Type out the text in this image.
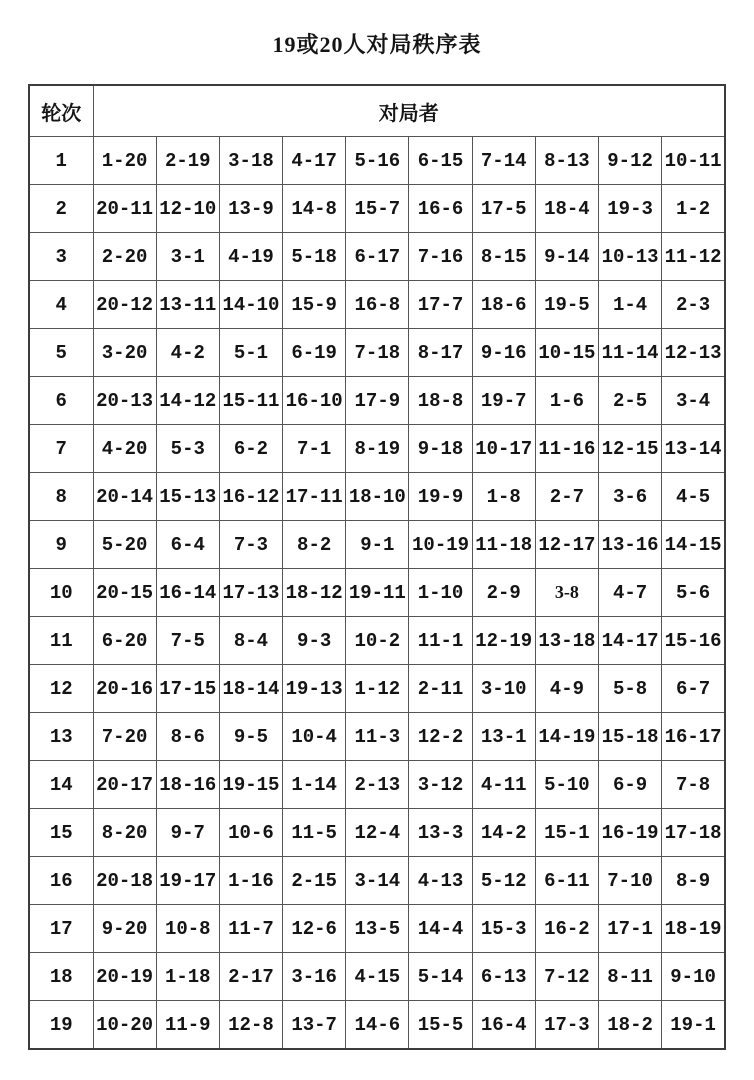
19或20人对局秩序表
轮次	对局者									
1	1-20	2-19	3-18	4-17	5-16	6-15	7-14	8-13	9-12	10-11
2	20-11	12-10	13-9	14-8	15-7	16-6	17-5	18-4	19-3	1-2
3	2-20	3-1	4-19	5-18	6-17	7-16	8-15	9-14	10-13	11-12
4	20-12	13-11	14-10	15-9	16-8	17-7	18-6	19-5	1-4	2-3
5	3-20	4-2	5-1	6-19	7-18	8-17	9-16	10-15	11-14	12-13
6	20-13	14-12	15-11	16-10	17-9	18-8	19-7	1-6	2-5	3-4
7	4-20	5-3	6-2	7-1	8-19	9-18	10-17	11-16	12-15	13-14
8	20-14	15-13	16-12	17-11	18-10	19-9	1-8	2-7	3-6	4-5
9	5-20	6-4	7-3	8-2	9-1	10-19	11-18	12-17	13-16	14-15
10	20-15	16-14	17-13	18-12	19-11	1-10	2-9	3-8	4-7	5-6
11	6-20	7-5	8-4	9-3	10-2	11-1	12-19	13-18	14-17	15-16
12	20-16	17-15	18-14	19-13	1-12	2-11	3-10	4-9	5-8	6-7
13	7-20	8-6	9-5	10-4	11-3	12-2	13-1	14-19	15-18	16-17
14	20-17	18-16	19-15	1-14	2-13	3-12	4-11	5-10	6-9	7-8
15	8-20	9-7	10-6	11-5	12-4	13-3	14-2	15-1	16-19	17-18
16	20-18	19-17	1-16	2-15	3-14	4-13	5-12	6-11	7-10	8-9
17	9-20	10-8	11-7	12-6	13-5	14-4	15-3	16-2	17-1	18-19
18	20-19	1-18	2-17	3-16	4-15	5-14	6-13	7-12	8-11	9-10
19	10-20	11-9	12-8	13-7	14-6	15-5	16-4	17-3	18-2	19-1
